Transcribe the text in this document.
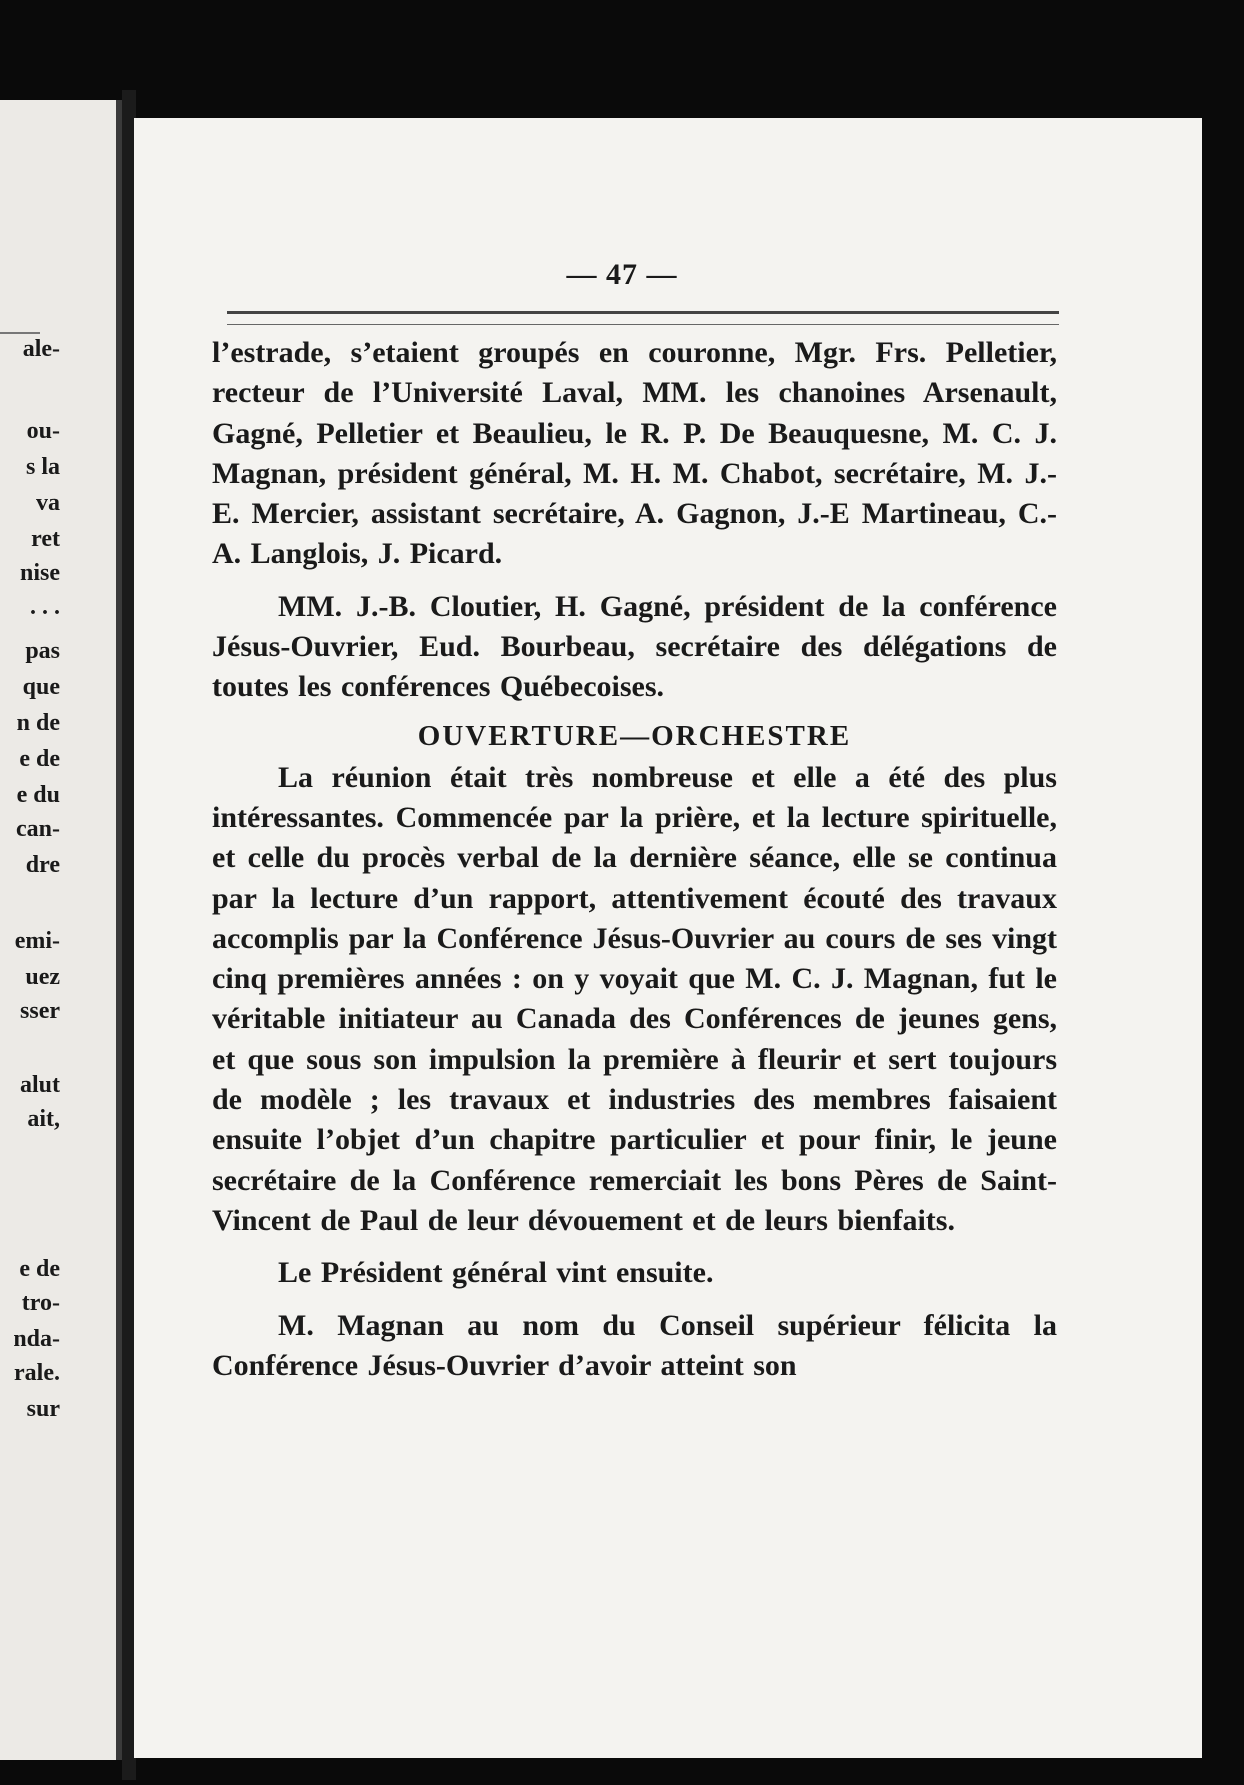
ale-
ou-
s la
va
ret
nise
. . .
pas
que
n de
e de
e du
can-
dre
emi-
uez
sser
alut
ait,
e de
tro-
nda-
rale.
sur
— 47 —

l’estrade, s’etaient groupés en couronne, Mgr. Frs. Pelletier, recteur de l’Université Laval, MM. les chanoines Arsenault, Gagné, Pelletier et Beaulieu, le R. P. De Beauquesne, M. C. J. Magnan, président général, M. H. M. Chabot, secrétaire, M. J.-E. Mercier, assistant secrétaire, A. Gagnon, J.-E Martineau, C.-A. Langlois, J. Picard.

MM. J.-B. Cloutier, H. Gagné, président de la conférence Jésus-Ouvrier, Eud. Bourbeau, secrétaire des délégations de toutes les conférences Québecoises.

OUVERTURE—ORCHESTRE

La réunion était très nombreuse et elle a été des plus intéressantes. Commencée par la prière, et la lecture spirituelle, et celle du procès verbal de la dernière séance, elle se continua par la lecture d’un rapport, attentivement écouté des travaux accomplis par la Conférence Jésus-Ouvrier au cours de ses vingt cinq premières années : on y voyait que M. C. J. Magnan, fut le véritable initiateur au Canada des Conférences de jeunes gens, et que sous son impulsion la première à fleurir et sert toujours de modèle ; les travaux et industries des membres faisaient ensuite l’objet d’un chapitre particulier et pour finir, le jeune secrétaire de la Conférence remerciait les bons Pères de Saint-Vincent de Paul de leur dévouement et de leurs bienfaits.

Le Président général vint ensuite.

M. Magnan au nom du Conseil supérieur félicita la Conférence Jésus-Ouvrier d’avoir atteint son
